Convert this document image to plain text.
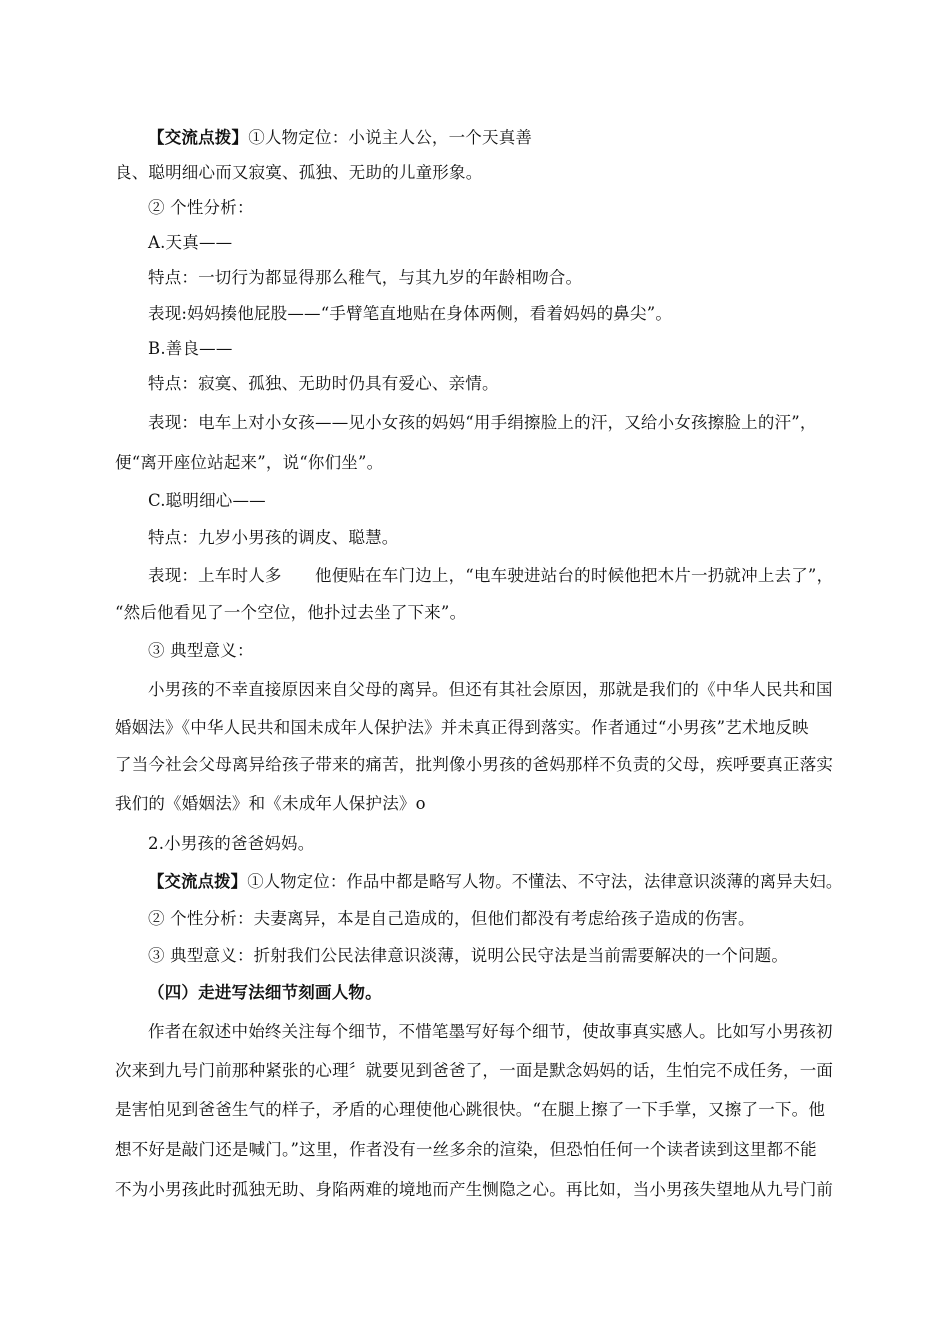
【交流点拨】①人物定位：小说主人公，一个天真善
良、聪明细心而又寂寞、孤独、无助的儿童形象。
② 个性分析：
A.天真——
特点：一切行为都显得那么稚气，与其九岁的年龄相吻合。
表现:妈妈揍他屁股——“手臂笔直地贴在身体两侧，看着妈妈的鼻尖”。
B.善良——
特点：寂寞、孤独、无助时仍具有爱心、亲情。
表现：电车上对小女孩——见小女孩的妈妈“用手绢擦脸上的汗，又给小女孩擦脸上的汗”，
便“离开座位站起来”，说“你们坐”。
C.聪明细心——
特点：九岁小男孩的调皮、聪慧。
表现：上车时人多　　他便贴在车门边上，“电车驶进站台的时候他把木片一扔就冲上去了”，
“然后他看见了一个空位，他扑过去坐了下来”。
③ 典型意义：
小男孩的不幸直接原因来自父母的离异。但还有其社会原因，那就是我们的《中华人民共和国
婚姻法》《中华人民共和国未成年人保护法》并未真正得到落实。作者通过“小男孩”艺术地反映
了当今社会父母离异给孩子带来的痛苦，批判像小男孩的爸妈那样不负责的父母，疾呼要真正落实
我们的《婚姻法》和《未成年人保护法》o
2.小男孩的爸爸妈妈。
【交流点拨】①人物定位：作品中都是略写人物。不懂法、不守法，法律意识淡薄的离异夫妇。
② 个性分析：夫妻离异，本是自己造成的，但他们都没有考虑给孩子造成的伤害。
③ 典型意义：折射我们公民法律意识淡薄，说明公民守法是当前需要解决的一个问题。
（四）走进写法细节刻画人物。
作者在叙述中始终关注每个细节，不惜笔墨写好每个细节，使故事真实感人。比如写小男孩初
次来到九号门前那种紧张的心理〞就要见到爸爸了，一面是默念妈妈的话，生怕完不成任务，一面
是害怕见到爸爸生气的样子，矛盾的心理使他心跳很快。“在腿上擦了一下手掌，又擦了一下。他
想不好是敲门还是喊门。”这里，作者没有一丝多余的渲染，但恐怕任何一个读者读到这里都不能
不为小男孩此时孤独无助、身陷两难的境地而产生恻隐之心。再比如，当小男孩失望地从九号门前
